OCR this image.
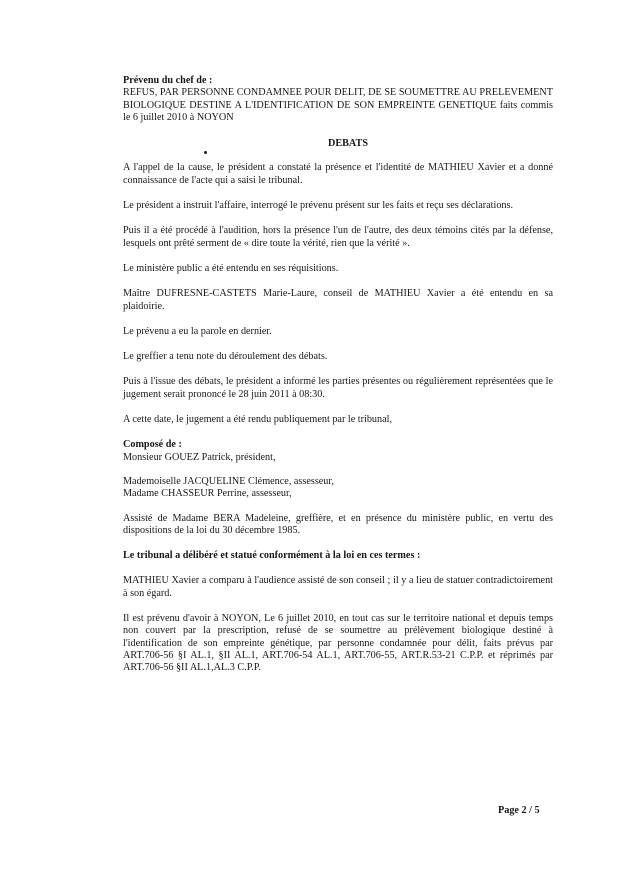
Prévenu du chef de :

REFUS, PAR PERSONNE CONDAMNEE POUR DELIT, DE SE SOUMETTRE AU PRELEVEMENT BIOLOGIQUE DESTINE A L'IDENTIFICATION DE SON EMPREINTE GENETIQUE faits commis le 6 juillet 2010 à NOYON

DEBATS

A l'appel de la cause, le président a constaté la présence et l'identité de MATHIEU Xavier et a donné connaissance de l'acte qui a saisi le tribunal.

Le président a instruit l'affaire, interrogé le prévenu présent sur les faits et reçu ses déclarations.

Puis il a été procédé à l'audition, hors la présence l'un de l'autre, des deux témoins cités par la défense, lesquels ont prêté serment de « dire toute la vérité, rien que la vérité ».

Le ministère public a été entendu en ses réquisitions.

Maître DUFRESNE-CASTETS Marie-Laure, conseil de MATHIEU Xavier a été entendu en sa plaidoirie.

Le prévenu a eu la parole en dernier.

Le greffier a tenu note du déroulement des débats.

Puis à l'issue des débats, le président a informé les parties présentes ou régulièrement représentées que le jugement serait prononcé le 28 juin 2011 à 08:30.

A cette date, le jugement a été rendu publiquement par le tribunal,

Composé de :

Monsieur GOUEZ Patrick, président,

Mademoiselle JACQUELINE Clémence, assesseur,

Madame CHASSEUR Perrine, assesseur,

Assisté de Madame BERA Madeleine, greffière, et en présence du ministère public, en vertu des dispositions de la loi du 30 décembre 1985.

Le tribunal a délibéré et statué conformément à la loi en ces termes :

MATHIEU Xavier a comparu à l'audience assisté de son conseil ; il y a lieu de statuer contradictoirement à son égard.

Il est prévenu d'avoir à NOYON, Le 6 juillet 2010, en tout cas sur le territoire national et depuis temps non couvert par la prescription, refusé de se soumettre au prélèvement biologique destiné à l'identification de son empreinte génétique, par personne condamnée pour délit, faits prévus par ART.706-56 §I AL.1, §II AL.1, ART.706-54 AL.1, ART.706-55, ART.R.53-21 C.P.P. et réprimés par ART.706-56 §II AL.1,AL.3 C.P.P.

Page 2 / 5
